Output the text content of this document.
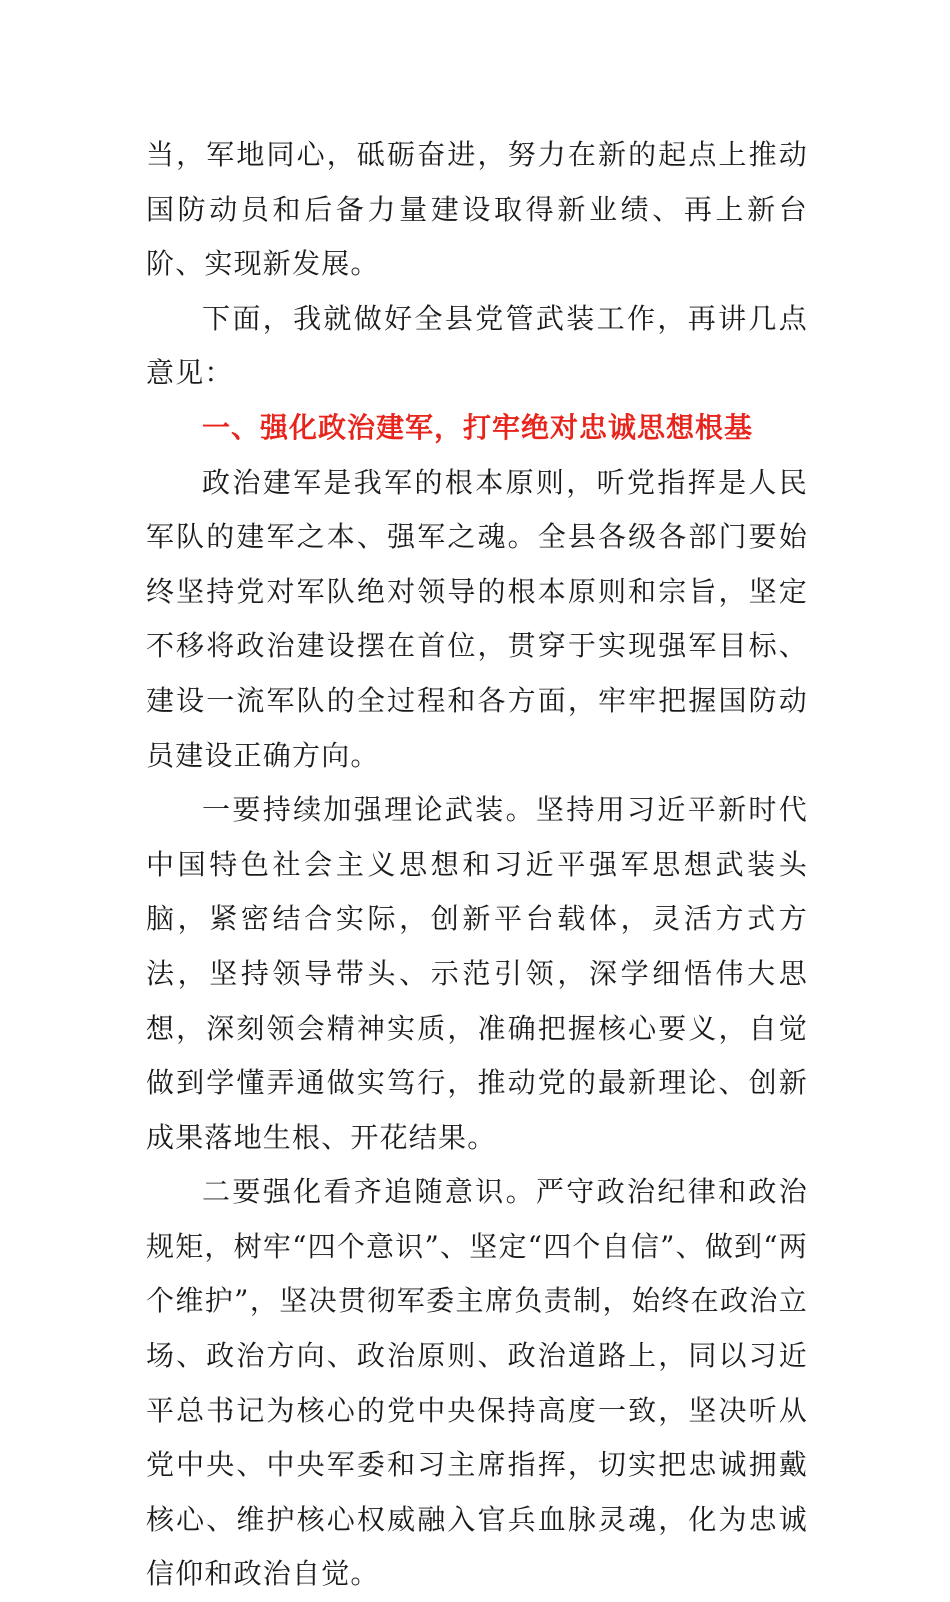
当，军地同心，砥砺奋进，努力在新的起点上推动国防动员和后备力量建设取得新业绩、再上新台阶、实现新发展。

下面，我就做好全县党管武装工作，再讲几点意见：

一、强化政治建军，打牢绝对忠诚思想根基

政治建军是我军的根本原则，听党指挥是人民军队的建军之本、强军之魂。全县各级各部门要始终坚持党对军队绝对领导的根本原则和宗旨，坚定不移将政治建设摆在首位，贯穿于实现强军目标、建设一流军队的全过程和各方面，牢牢把握国防动员建设正确方向。

一要持续加强理论武装。坚持用习近平新时代中国特色社会主义思想和习近平强军思想武装头脑，紧密结合实际，创新平台载体，灵活方式方法，坚持领导带头、示范引领，深学细悟伟大思想，深刻领会精神实质，准确把握核心要义，自觉做到学懂弄通做实笃行，推动党的最新理论、创新成果落地生根、开花结果。

二要强化看齐追随意识。严守政治纪律和政治规矩，树牢“四个意识”、坚定“四个自信”、做到“两个维护”，坚决贯彻军委主席负责制，始终在政治立场、政治方向、政治原则、政治道路上，同以习近平总书记为核心的党中央保持高度一致，坚决听从党中央、中央军委和习主席指挥，切实把忠诚拥戴核心、维护核心权威融入官兵血脉灵魂，化为忠诚信仰和政治自觉。
